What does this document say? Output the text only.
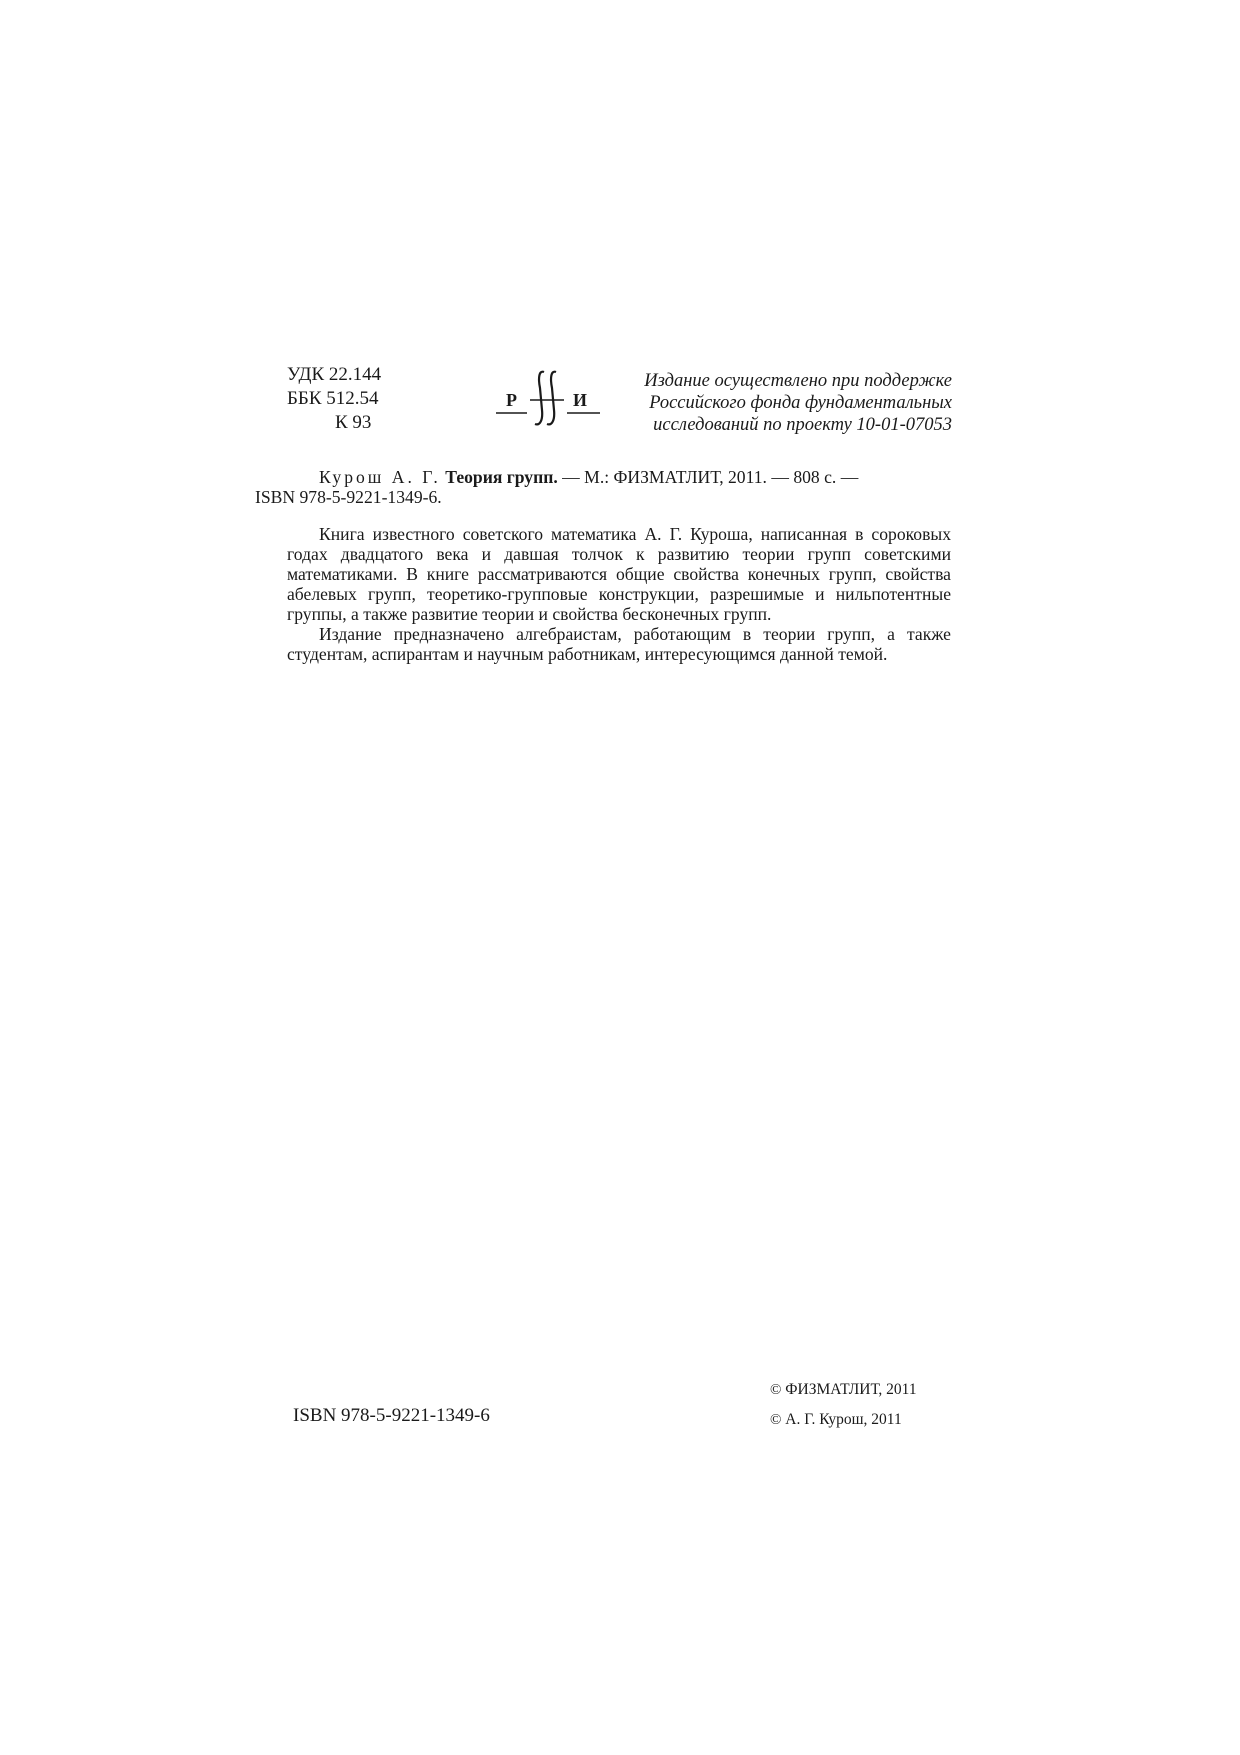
УДК 22.144
ББК 512.54
К 93
Р	И
Издание осуществлено при поддержке
Российского фонда фундаментальных
исследований по проекту 10-01-07053

Курош А. Г. Теория групп. — М.: ФИЗМАТЛИТ, 2011. — 808 с. —
ISBN 978-5-9221-1349-6.

Книга известного советского математика А. Г. Куроша, написанная в сороковых годах двадцатого века и давшая толчок к развитию теории групп советскими математиками. В книге рассматриваются общие свойства конечных групп, свойства абелевых групп, теоретико-групповые конструкции, разрешимые и нильпотентные группы, а также развитие теории и свойства бесконечных групп.

Издание предназначено алгебраистам, работающим в теории групп, а также студентам, аспирантам и научным работникам, интересующимся данной темой.

ISBN 978-5-9221-1349-6
© ФИЗМАТЛИТ, 2011
© А. Г. Курош, 2011
